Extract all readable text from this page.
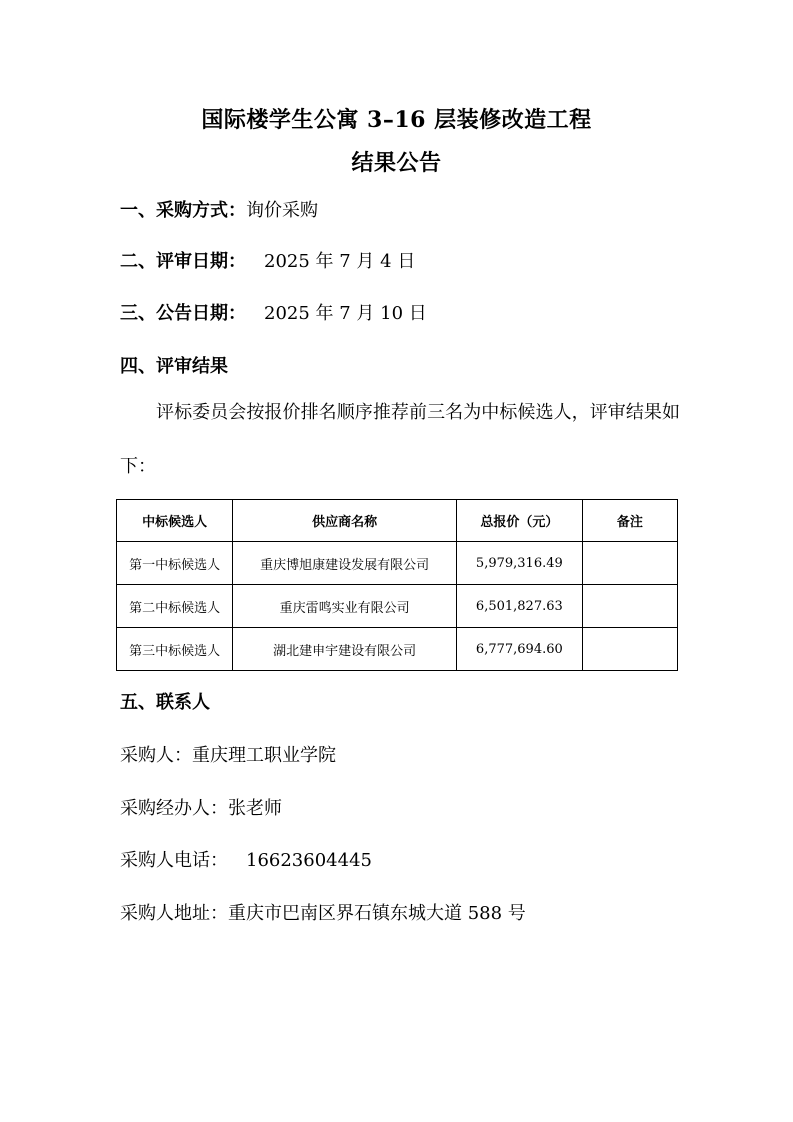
国际楼学生公寓 3–16 层装修改造工程
结果公告
一、采购方式：询价采购
二、评审日期： 2025 年 7 月 4 日
三、公告日期： 2025 年 7 月 10 日
四、评审结果
评标委员会按报价排名顺序推荐前三名为中标候选人，评审结果如下：
中标候选人	供应商名称	总报价（元）	备注
第一中标候选人	重庆博旭康建设发展有限公司	5,979,316.49	
第二中标候选人	重庆雷鸣实业有限公司	6,501,827.63	
第三中标候选人	湖北建申宇建设有限公司	6,777,694.60	
五、联系人
采购人：重庆理工职业学院
采购经办人：张老师
采购人电话： 16623604445
采购人地址：重庆市巴南区界石镇东城大道 588 号
